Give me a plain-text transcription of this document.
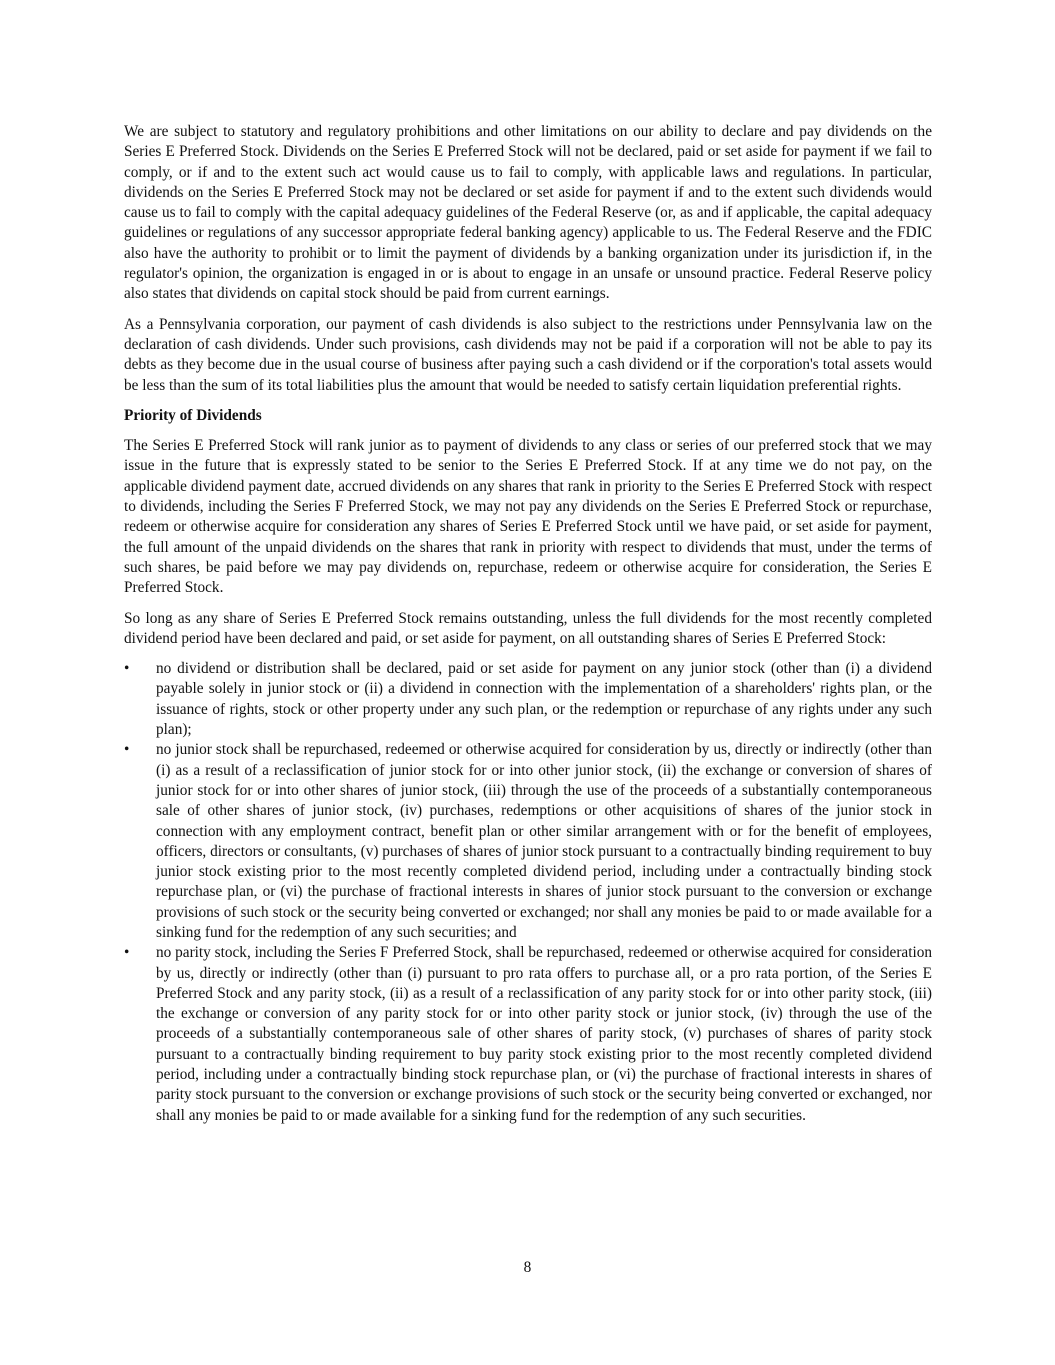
We are subject to statutory and regulatory prohibitions and other limitations on our ability to declare and pay dividends on the Series E Preferred Stock. Dividends on the Series E Preferred Stock will not be declared, paid or set aside for payment if we fail to comply, or if and to the extent such act would cause us to fail to comply, with applicable laws and regulations. In particular, dividends on the Series E Preferred Stock may not be declared or set aside for payment if and to the extent such dividends would cause us to fail to comply with the capital adequacy guidelines of the Federal Reserve (or, as and if applicable, the capital adequacy guidelines or regulations of any successor appropriate federal banking agency) applicable to us. The Federal Reserve and the FDIC also have the authority to prohibit or to limit the payment of dividends by a banking organization under its jurisdiction if, in the regulator's opinion, the organization is engaged in or is about to engage in an unsafe or unsound practice. Federal Reserve policy also states that dividends on capital stock should be paid from current earnings.

As a Pennsylvania corporation, our payment of cash dividends is also subject to the restrictions under Pennsylvania law on the declaration of cash dividends. Under such provisions, cash dividends may not be paid if a corporation will not be able to pay its debts as they become due in the usual course of business after paying such a cash dividend or if the corporation's total assets would be less than the sum of its total liabilities plus the amount that would be needed to satisfy certain liquidation preferential rights.

Priority of Dividends

The Series E Preferred Stock will rank junior as to payment of dividends to any class or series of our preferred stock that we may issue in the future that is expressly stated to be senior to the Series E Preferred Stock. If at any time we do not pay, on the applicable dividend payment date, accrued dividends on any shares that rank in priority to the Series E Preferred Stock with respect to dividends, including the Series F Preferred Stock, we may not pay any dividends on the Series E Preferred Stock or repurchase, redeem or otherwise acquire for consideration any shares of Series E Preferred Stock until we have paid, or set aside for payment, the full amount of the unpaid dividends on the shares that rank in priority with respect to dividends that must, under the terms of such shares, be paid before we may pay dividends on, repurchase, redeem or otherwise acquire for consideration, the Series E Preferred Stock.

So long as any share of Series E Preferred Stock remains outstanding, unless the full dividends for the most recently completed dividend period have been declared and paid, or set aside for payment, on all outstanding shares of Series E Preferred Stock:

• no dividend or distribution shall be declared, paid or set aside for payment on any junior stock (other than (i) a dividend payable solely in junior stock or (ii) a dividend in connection with the implementation of a shareholders' rights plan, or the issuance of rights, stock or other property under any such plan, or the redemption or repurchase of any rights under any such plan);
• no junior stock shall be repurchased, redeemed or otherwise acquired for consideration by us, directly or indirectly (other than (i) as a result of a reclassification of junior stock for or into other junior stock, (ii) the exchange or conversion of shares of junior stock for or into other shares of junior stock, (iii) through the use of the proceeds of a substantially contemporaneous sale of other shares of junior stock, (iv) purchases, redemptions or other acquisitions of shares of the junior stock in connection with any employment contract, benefit plan or other similar arrangement with or for the benefit of employees, officers, directors or consultants, (v) purchases of shares of junior stock pursuant to a contractually binding requirement to buy junior stock existing prior to the most recently completed dividend period, including under a contractually binding stock repurchase plan, or (vi) the purchase of fractional interests in shares of junior stock pursuant to the conversion or exchange provisions of such stock or the security being converted or exchanged; nor shall any monies be paid to or made available for a sinking fund for the redemption of any such securities; and
• no parity stock, including the Series F Preferred Stock, shall be repurchased, redeemed or otherwise acquired for consideration by us, directly or indirectly (other than (i) pursuant to pro rata offers to purchase all, or a pro rata portion, of the Series E Preferred Stock and any parity stock, (ii) as a result of a reclassification of any parity stock for or into other parity stock, (iii) the exchange or conversion of any parity stock for or into other parity stock or junior stock, (iv) through the use of the proceeds of a substantially contemporaneous sale of other shares of parity stock, (v) purchases of shares of parity stock pursuant to a contractually binding requirement to buy parity stock existing prior to the most recently completed dividend period, including under a contractually binding stock repurchase plan, or (vi) the purchase of fractional interests in shares of parity stock pursuant to the conversion or exchange provisions of such stock or the security being converted or exchanged, nor shall any monies be paid to or made available for a sinking fund for the redemption of any such securities.
8
